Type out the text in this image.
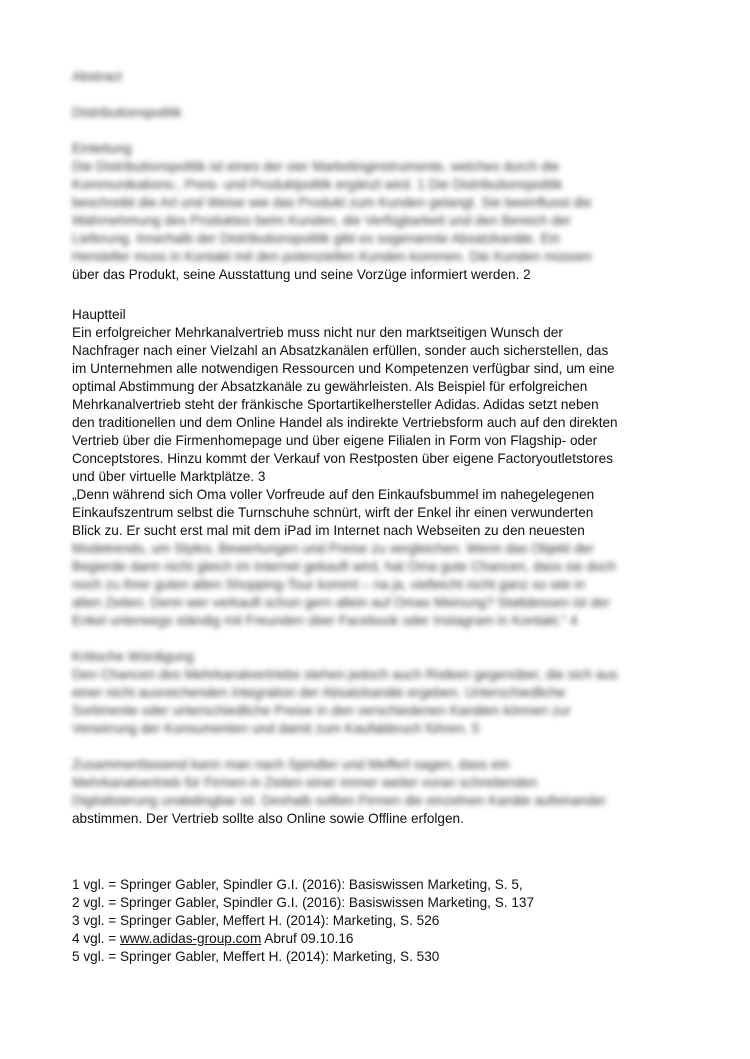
Abstract
Distributionspolitik
Einleitung
Die Distributionspolitik ist eines der vier Marketinginstrumente, welches durch die
Kommunikations-, Preis- und Produktpolitik ergänzt wird. 1 Die Distributionspolitik
beschreibt die Art und Weise wie das Produkt zum Kunden gelangt. Sie beeinflusst die
Wahrnehmung des Produktes beim Kunden, die Verfügbarkeit und den Bereich der
Lieferung. Innerhalb der Distributionspolitik gibt es sogenannte Absatzkanäle. Ein
Hersteller muss in Kontakt mit den potenziellen Kunden kommen. Die Kunden müssen
über das Produkt, seine Ausstattung und seine Vorzüge informiert werden. 2
Hauptteil
Ein erfolgreicher Mehrkanalvertrieb muss nicht nur den marktseitigen Wunsch der
Nachfrager nach einer Vielzahl an Absatzkanälen erfüllen, sonder auch sicherstellen, das
im Unternehmen alle notwendigen Ressourcen und Kompetenzen verfügbar sind, um eine
optimal Abstimmung der Absatzkanäle zu gewährleisten. Als Beispiel für erfolgreichen
Mehrkanalvertrieb steht der fränkische Sportartikelhersteller Adidas. Adidas setzt neben
den traditionellen und dem Online Handel als indirekte Vertriebsform auch auf den direkten
Vertrieb über die Firmenhomepage und über eigene Filialen in Form von Flagship- oder
Conceptstores. Hinzu kommt der Verkauf von Restposten über eigene Factoryoutletstores
und über virtuelle Marktplätze. 3
„Denn während sich Oma voller Vorfreude auf den Einkaufsbummel im nahegelegenen
Einkaufszentrum selbst die Turnschuhe schnürt, wirft der Enkel ihr einen verwunderten
Blick zu. Er sucht erst mal mit dem iPad im Internet nach Webseiten zu den neuesten
Modetrends, um Styles, Bewertungen und Preise zu vergleichen. Wenn das Objekt der
Begierde dann nicht gleich im Internet gekauft wird, hat Oma gute Chancen, dass sie doch
noch zu ihrer guten alten Shopping-Tour kommt – na ja, vielleicht nicht ganz so wie in
alten Zeiten. Denn wer verkauft schon gern allein auf Omas Meinung? Stattdessen ist der
Enkel unterwegs ständig mit Freunden über Facebook oder Instagram in Kontakt.“ 4
Kritische Würdigung
Den Chancen des Mehrkanalvertriebs stehen jedoch auch Risiken gegenüber, die sich aus
einer nicht ausreichenden Integration der Absatzkanäle ergeben. Unterschiedliche
Sortimente oder unterschiedliche Preise in den verschiedenen Kanälen können zur
Verwirrung der Konsumenten und damit zum Kaufabbruch führen. 5
Zusammenfassend kann man nach Spindler und Meffert sagen, dass ein
Mehrkanalvertrieb für Firmen in Zeiten einer immer weiter voran schreitenden
Digitalisierung unabdingbar ist. Deshalb sollten Firmen die einzelnen Kanäle aufeinander
abstimmen. Der Vertrieb sollte also Online sowie Offline erfolgen.
1 vgl. = Springer Gabler, Spindler G.I. (2016): Basiswissen Marketing, S. 5,
2 vgl. = Springer Gabler, Spindler G.I. (2016): Basiswissen Marketing, S. 137
3 vgl. = Springer Gabler, Meffert H. (2014): Marketing, S. 526
4 vgl. = www.adidas-group.com Abruf 09.10.16
5 vgl. = Springer Gabler, Meffert H. (2014): Marketing, S. 530
